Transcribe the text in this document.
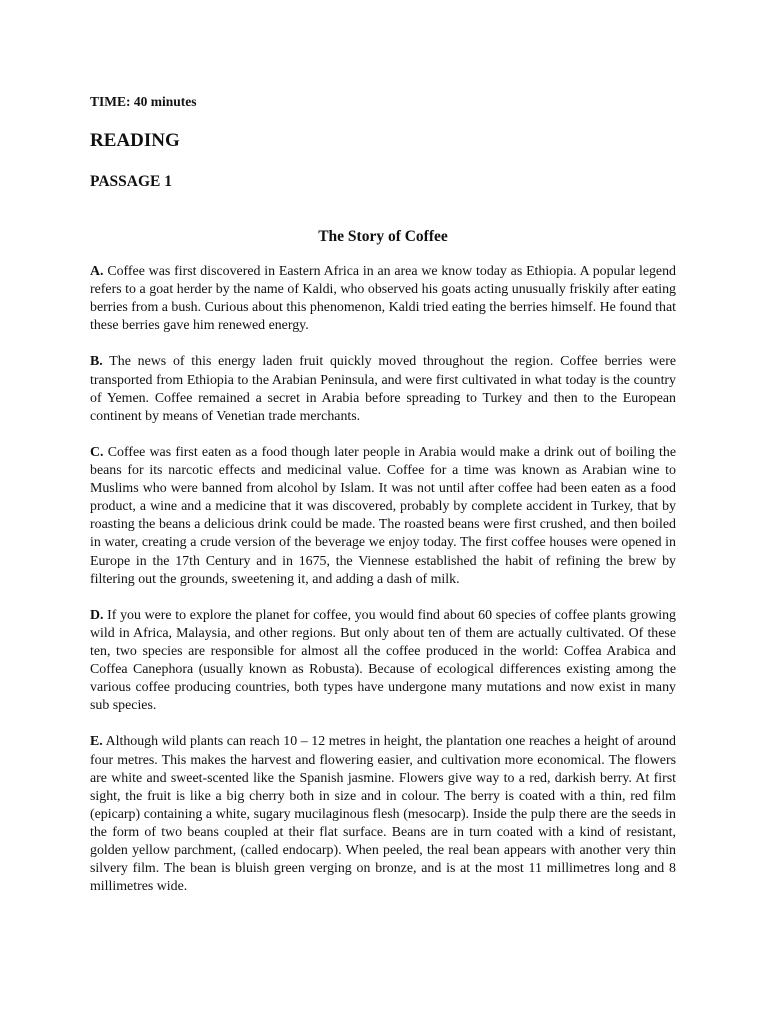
TIME: 40 minutes
READING
PASSAGE 1
The Story of Coffee

A. Coffee was first discovered in Eastern Africa in an area we know today as Ethiopia. A popular legend refers to a goat herder by the name of Kaldi, who observed his goats acting unusually friskily after eating berries from a bush. Curious about this phenomenon, Kaldi tried eating the berries himself. He found that these berries gave him renewed energy.

B. The news of this energy laden fruit quickly moved throughout the region. Coffee berries were transported from Ethiopia to the Arabian Peninsula, and were first cultivated in what today is the country of Yemen. Coffee remained a secret in Arabia before spreading to Turkey and then to the European continent by means of Venetian trade merchants.

C. Coffee was first eaten as a food though later people in Arabia would make a drink out of boiling the beans for its narcotic effects and medicinal value. Coffee for a time was known as Arabian wine to Muslims who were banned from alcohol by Islam. It was not until after coffee had been eaten as a food product, a wine and a medicine that it was discovered, probably by complete accident in Turkey, that by roasting the beans a delicious drink could be made. The roasted beans were first crushed, and then boiled in water, creating a crude version of the beverage we enjoy today. The first coffee houses were opened in Europe in the 17th Century and in 1675, the Viennese established the habit of refining the brew by filtering out the grounds, sweetening it, and adding a dash of milk.

D. If you were to explore the planet for coffee, you would find about 60 species of coffee plants growing wild in Africa, Malaysia, and other regions. But only about ten of them are actually cultivated. Of these ten, two species are responsible for almost all the coffee produced in the world: Coffea Arabica and Coffea Canephora (usually known as Robusta). Because of ecological differences existing among the various coffee producing countries, both types have undergone many mutations and now exist in many sub species.

E. Although wild plants can reach 10 – 12 metres in height, the plantation one reaches a height of around four metres. This makes the harvest and flowering easier, and cultivation more economical. The flowers are white and sweet-scented like the Spanish jasmine. Flowers give way to a red, darkish berry. At first sight, the fruit is like a big cherry both in size and in colour. The berry is coated with a thin, red film (epicarp) containing a white, sugary mucilaginous flesh (mesocarp). Inside the pulp there are the seeds in the form of two beans coupled at their flat surface. Beans are in turn coated with a kind of resistant, golden yellow parchment, (called endocarp). When peeled, the real bean appears with another very thin silvery film. The bean is bluish green verging on bronze, and is at the most 11 millimetres long and 8 millimetres wide.
